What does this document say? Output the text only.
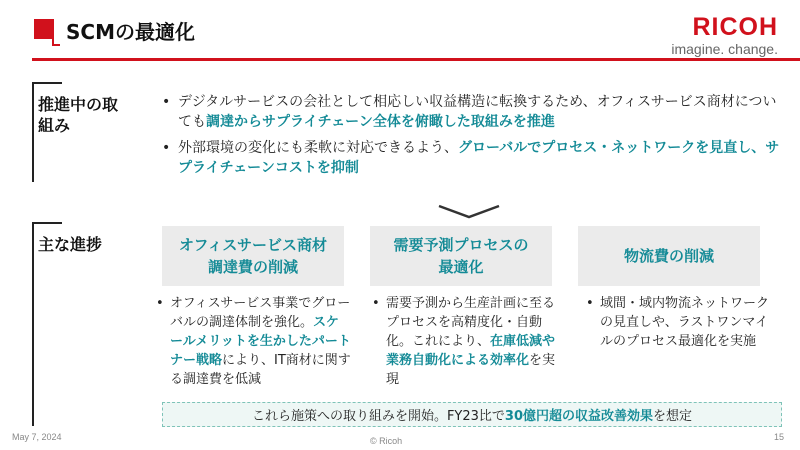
SCMの最適化	RICOH
imagine. change.
推進中の取組み
• デジタルサービスの会社として相応しい収益構造に転換するため、オフィスサービス商材についても調達からサプライチェーン全体を俯瞰した取組みを推進
• 外部環境の変化にも柔軟に対応できるよう、グローバルでプロセス・ネットワークを見直し、サプライチェーンコストを抑制
主な進捗	オフィスサービス商材
調達費の削減
需要予測プロセスの
最適化
物流費の削減
• オフィスサービス事業でグローバルの調達体制を強化。スケールメリットを生かしたパートナー戦略により、IT商材に関する調達費を低減
• 需要予測から生産計画に至るプロセスを高精度化・自動化。これにより、在庫低減や業務自動化による効率化を実現
• 域間・域内物流ネットワークの見直しや、ラストワンマイルのプロセス最適化を実施
これら施策への取り組みを開始。FY23比で 30億円超の収益改善効果 を想定
May 7, 2024	© Ricoh	15
